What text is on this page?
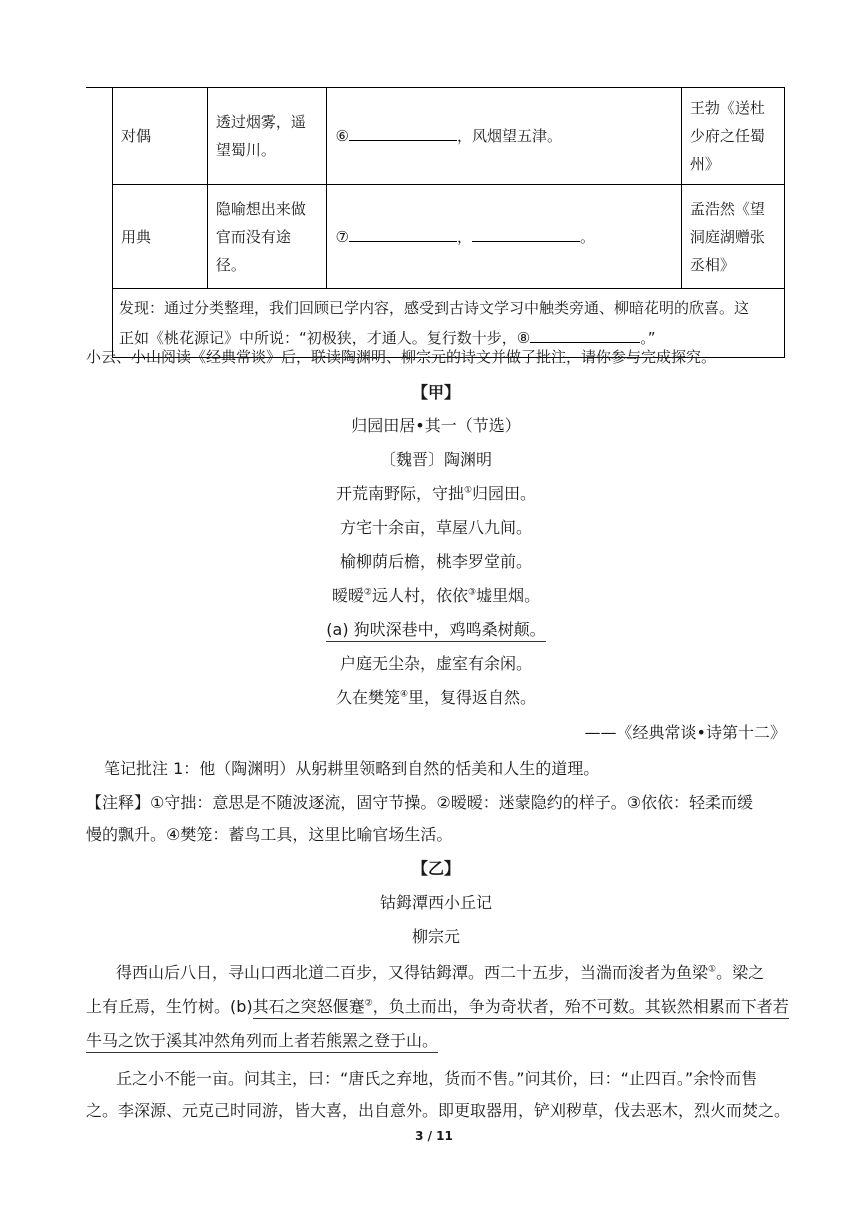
对偶	透过烟雾，遥望蜀川。	⑥ ，风烟望五津。	王勃《送杜少府之任蜀州》
用典	隐喻想出来做官而没有途径。	⑦ ， 。	孟浩然《望洞庭湖赠张丞相》

发现：通过分类整理，我们回顾已学内容，感受到古诗文学习中触类旁通、柳暗花明的欣喜。这
正如《桃花源记》中所说：“初极狭，才通人。复行数十步，⑧ 。”			
小云、小山阅读《经典常谈》后，联读陶渊明、柳宗元的诗文并做了批注，请你参与完成探究。
【甲】
归园田居•其一（节选）
〔魏晋〕陶渊明
开荒南野际，守拙①归园田。
方宅十余亩，草屋八九间。
榆柳荫后檐，桃李罗堂前。
暧暧②远人村，依依③墟里烟。
(a) 狗吠深巷中，鸡鸣桑树颠。
户庭无尘杂，虚室有余闲。
久在樊笼④里，复得返自然。
——《经典常谈•诗第十二》
笔记批注 1：他（陶渊明）从躬耕里领略到自然的恬美和人生的道理。
【注释】①守拙：意思是不随波逐流，固守节操。②暧暧：迷蒙隐约的样子。③依依：轻柔而缓
慢的飘升。④樊笼：蓄鸟工具，这里比喻官场生活。
【乙】
钴鉧潭西小丘记
柳宗元
得西山后八日，寻山口西北道二百步，又得钴鉧潭。西二十五步，当湍而浚者为鱼梁①。梁之
上有丘焉，生竹树。(b)其石之突怒偃蹇②，负土而出，争为奇状者，殆不可数。其嵚然相累而下者若
牛马之饮于溪其冲然角列而上者若熊罴之登于山。
丘之小不能一亩。问其主，曰：“唐氏之弃地，货而不售。”问其价，曰：“止四百。”余怜而售
之。李深源、元克己时同游，皆大喜，出自意外。即更取器用，铲刈秽草，伐去恶木，烈火而焚之。
3 / 11
